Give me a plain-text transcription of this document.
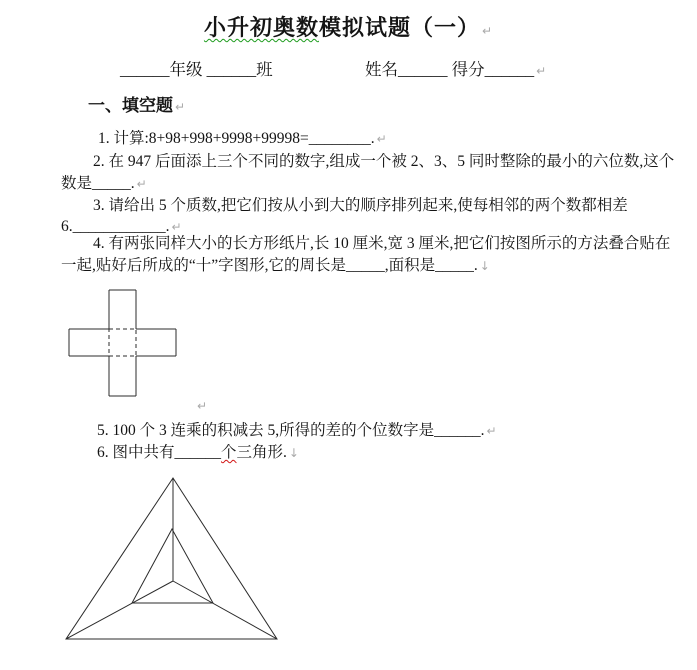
小升初奥数模拟试题（一） ↵
______年级 ______班	姓名______ 得分______ ↵
一、填空题 ↵
1. 计算:8+98+998+9998+99998=________. ↵
2. 在 947 后面添上三个不同的数字,组成一个被 2、3、5 同时整除的最小的六位数,这个
数是_____. ↵
3. 请给出 5 个质数,把它们按从小到大的顺序排列起来,使每相邻的两个数都相差
6.____________. ↵
4. 有两张同样大小的长方形纸片,长 10 厘米,宽 3 厘米,把它们按图所示的方法叠合贴在
一起,贴好后所成的“十”字图形,它的周长是_____,面积是_____. ↓
↵
5. 100 个 3 连乘的积减去 5,所得的差的个位数字是______. ↵
6. 图中共有______个三角形. ↓
